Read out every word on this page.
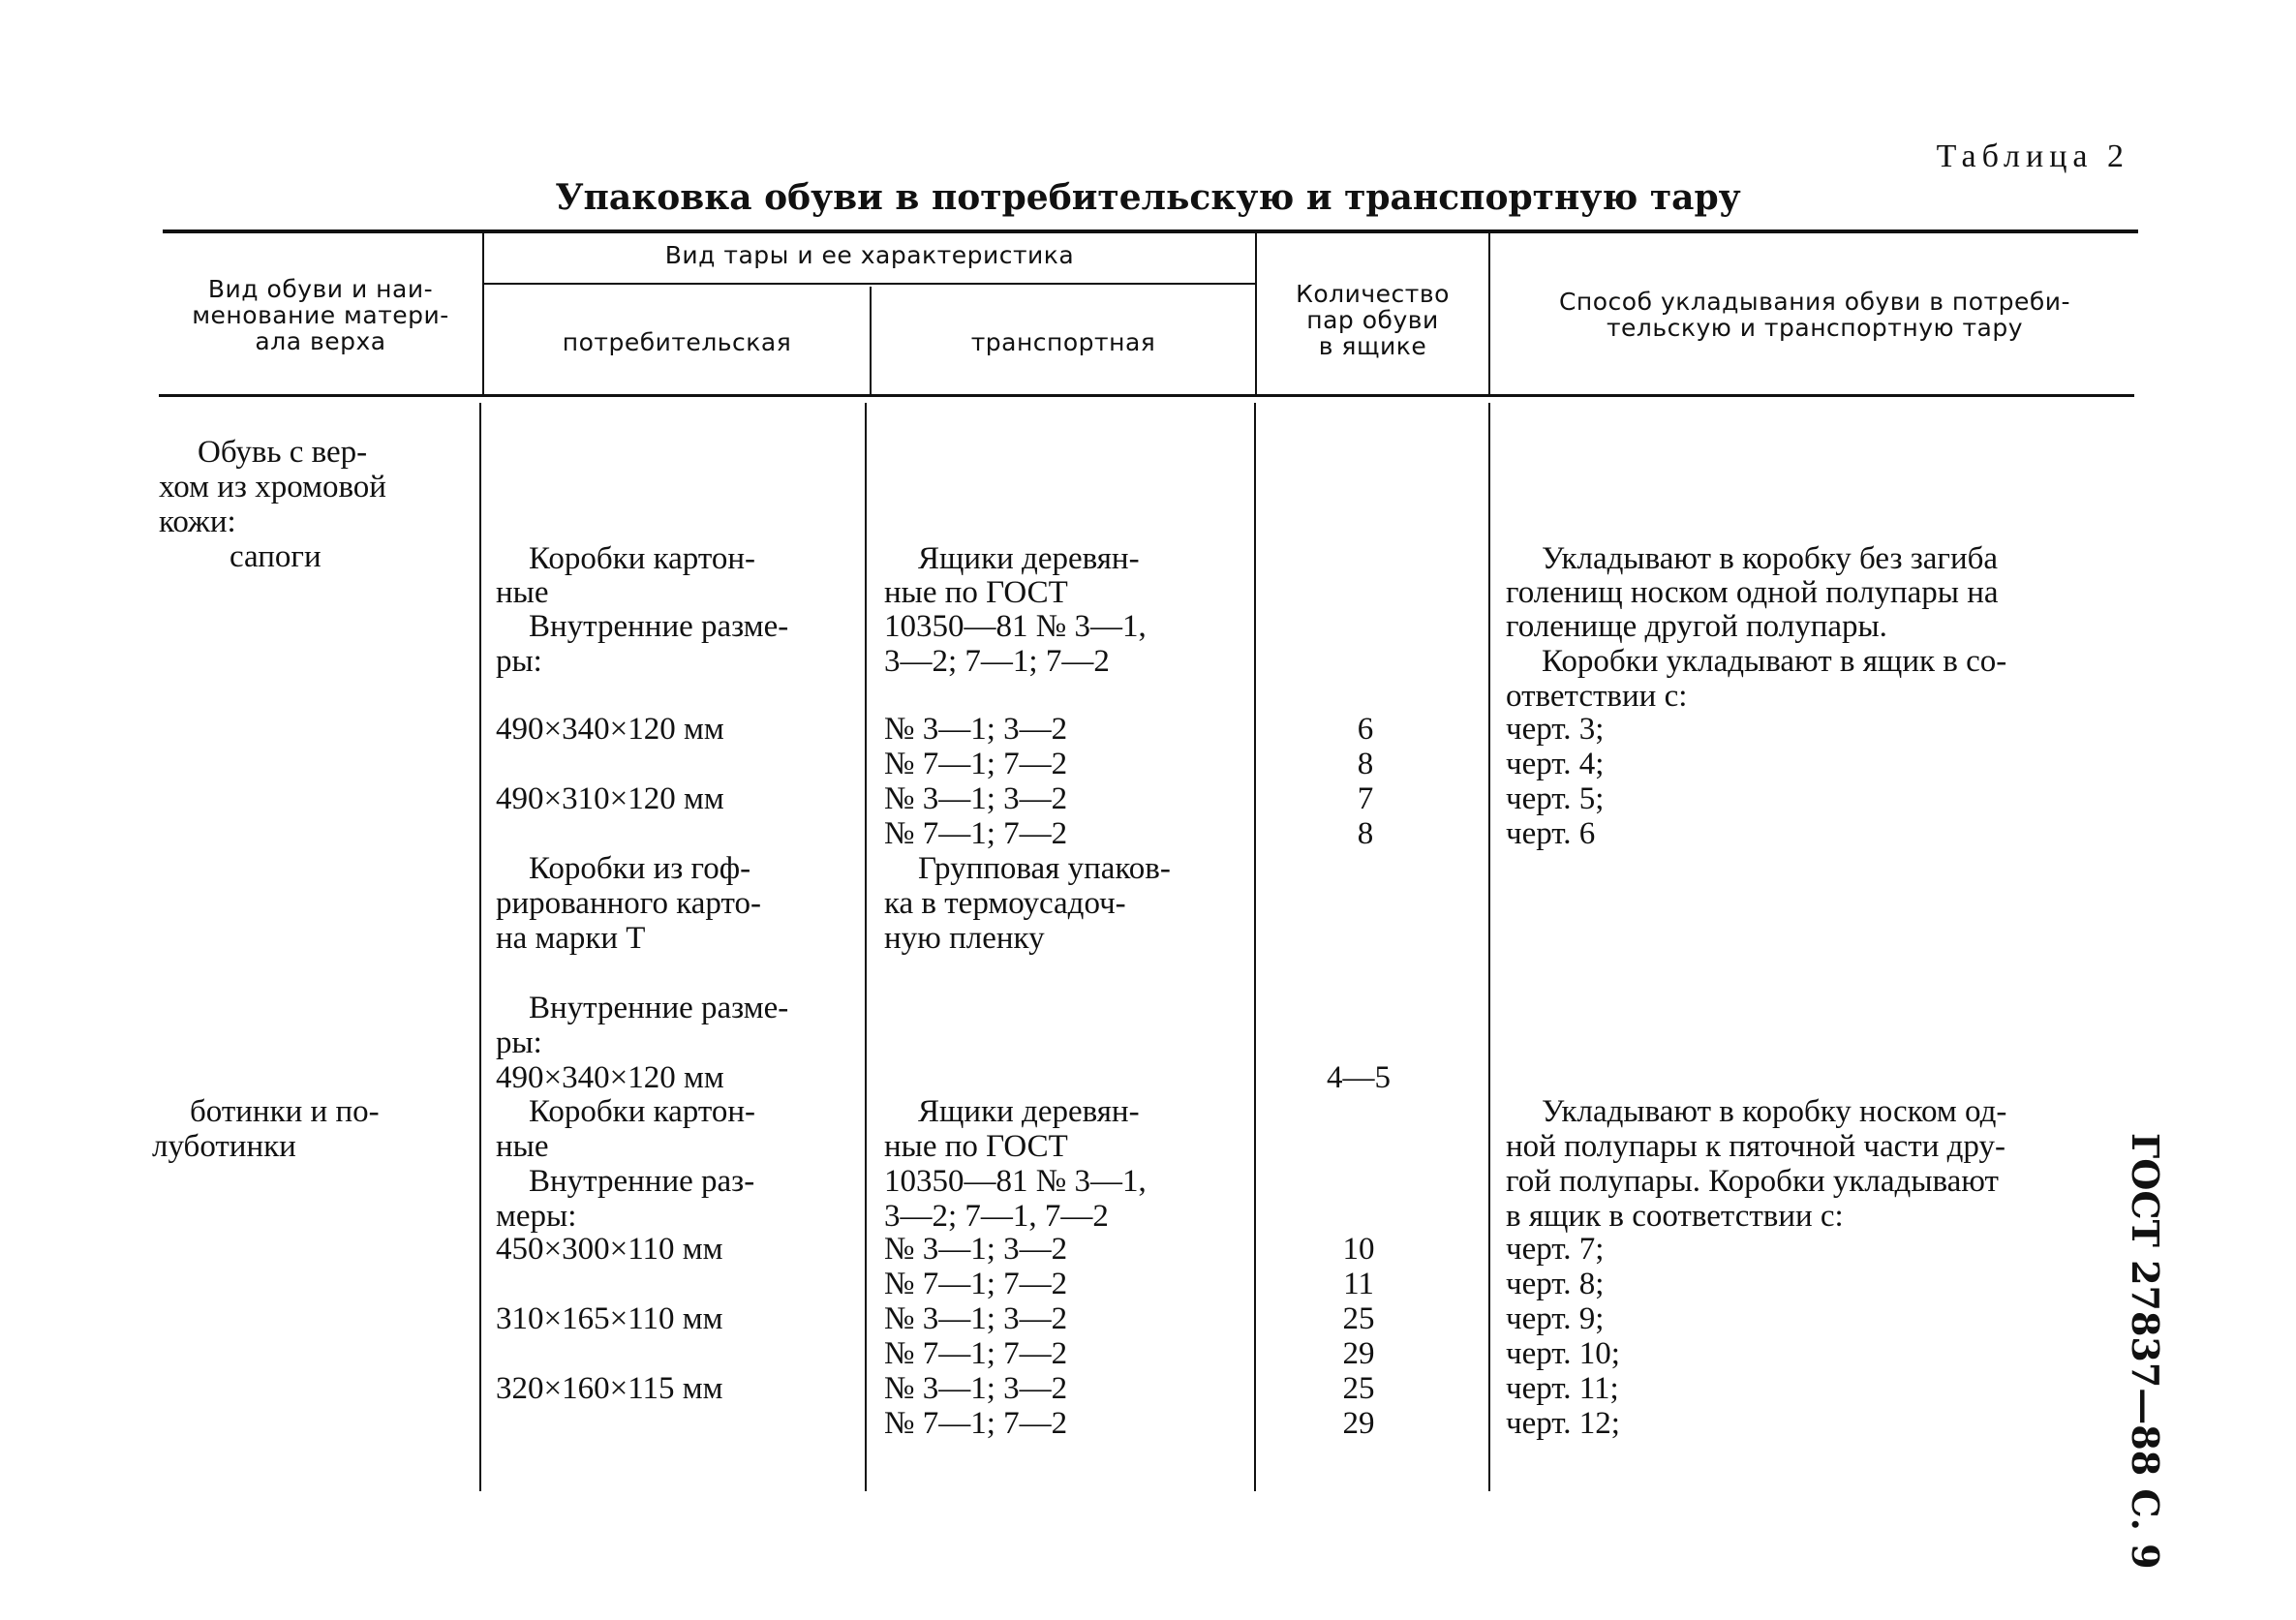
Таблица 2
Упаковка обуви в потребительскую и транспортную тару
Вид обуви и наи-
менование матери-
ала верха
Вид тары и ее характеристика
потребительская	транспортная
Количество
пар обуви
в ящике
Способ укладывания обуви в потреби-
тельскую и транспортную тару
Обувь с вер-
хом из хромовой
кожи:
сапоги
ботинки и по-
луботинки
Коробки картон-
ные
Внутренние разме-
ры:
490×340×120 мм
490×310×120 мм
Коробки из гоф-
рированного карто-
на марки Т
Внутренние разме-
ры:
490×340×120 мм
Коробки картон-
ные
Внутренние раз-
меры:
450×300×110 мм
310×165×110 мм
320×160×115 мм
Ящики деревян-
ные по ГОСТ
10350—81 № 3—1,
3—2; 7—1; 7—2
№ 3—1; 3—2
№ 7—1; 7—2
№ 3—1; 3—2
№ 7—1; 7—2
Групповая упаков-
ка в термоусадоч-
ную пленку
Ящики деревян-
ные по ГОСТ
10350—81 № 3—1,
3—2; 7—1, 7—2
№ 3—1; 3—2
№ 7—1; 7—2
№ 3—1; 3—2
№ 7—1; 7—2
№ 3—1; 3—2
№ 7—1; 7—2
6
8
7
8
4—5
10
11
25
29
25
29
Укладывают в коробку без загиба
голенищ носком одной полупары на
голенище другой полупары.
Коробки укладывают в ящик в со-
ответствии с:
черт. 3;
черт. 4;
черт. 5;
черт. 6
Укладывают в коробку носком од-
ной полупары к пяточной части дру-
гой полупары. Коробки укладывают
в ящик в соответствии с:
черт. 7;
черт. 8;
черт. 9;
черт. 10;
черт. 11;
черт. 12;	ГОСТ 27837—88 С. 9
